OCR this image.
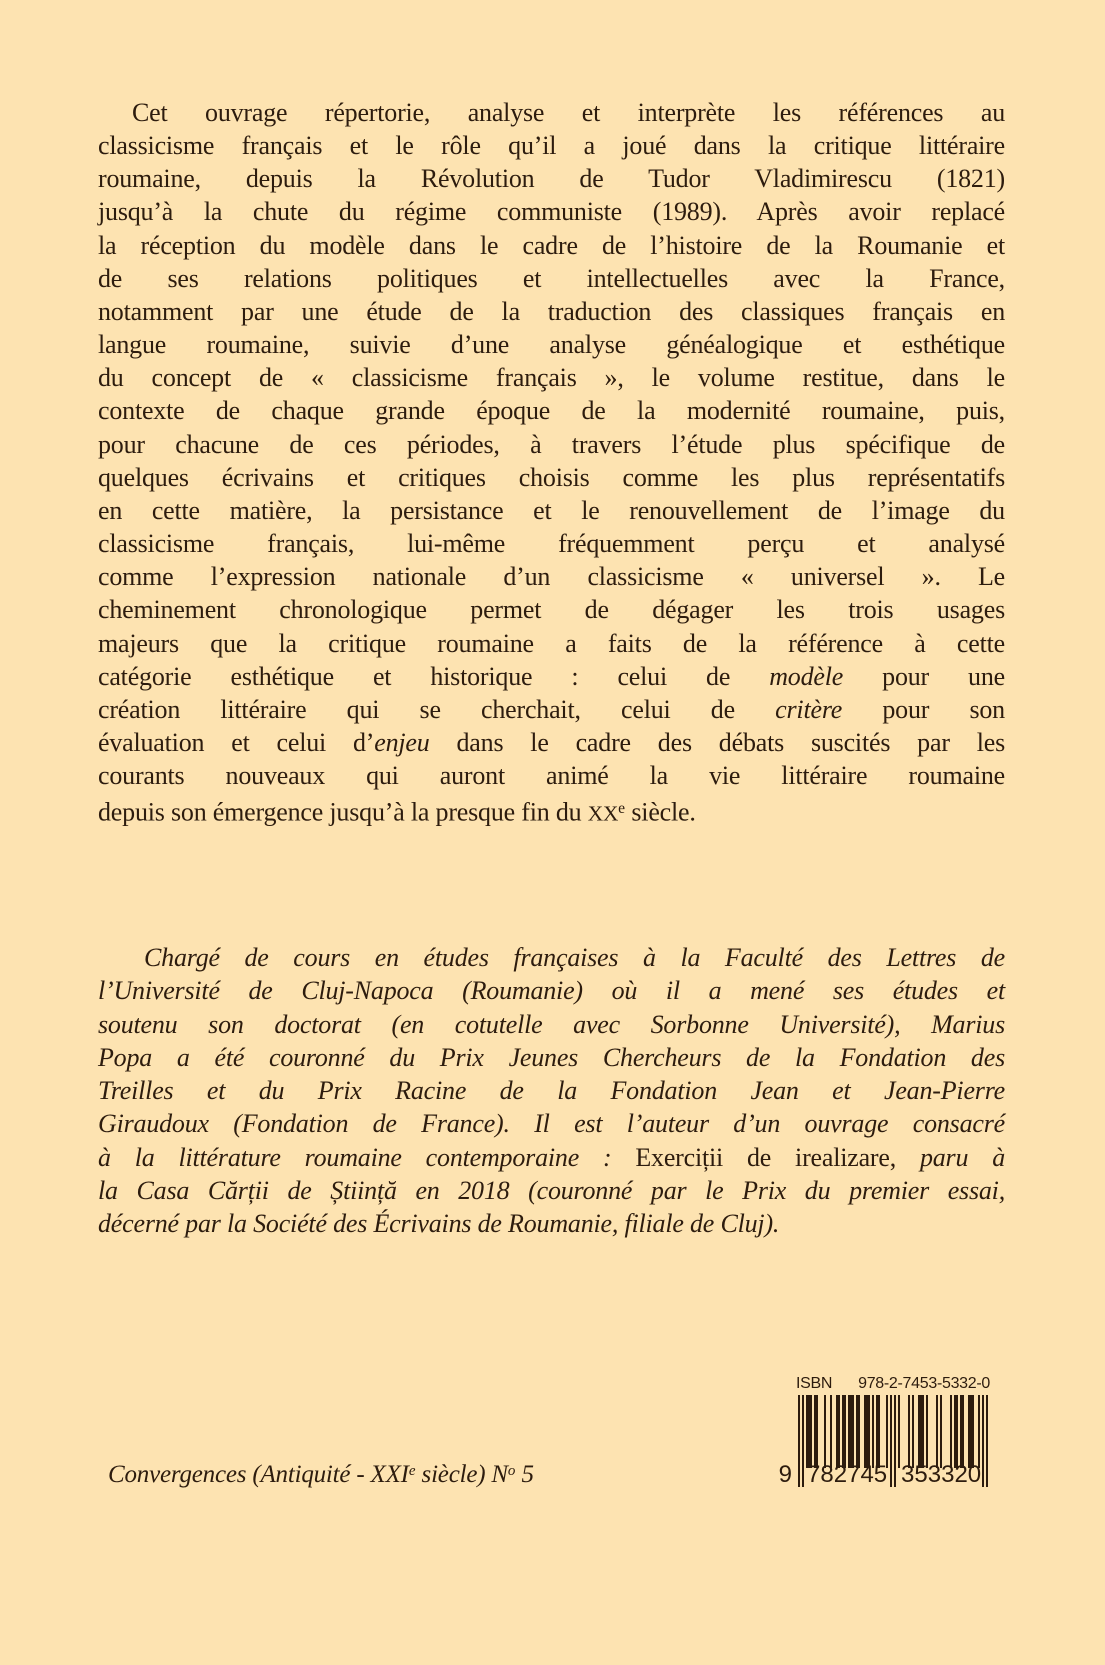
Cet ouvrage répertorie, analyse et interprète les références au
classicisme français et le rôle qu’il a joué dans la critique littéraire
roumaine, depuis la Révolution de Tudor Vladimirescu (1821)
jusqu’à la chute du régime communiste (1989). Après avoir replacé
la réception du modèle dans le cadre de l’histoire de la Roumanie et
de ses relations politiques et intellectuelles avec la France,
notamment par une étude de la traduction des classiques français en
langue roumaine, suivie d’une analyse généalogique et esthétique
du concept de « classicisme français », le volume restitue, dans le
contexte de chaque grande époque de la modernité roumaine, puis,
pour chacune de ces périodes, à travers l’étude plus spécifique de
quelques écrivains et critiques choisis comme les plus représentatifs
en cette matière, la persistance et le renouvellement de l’image du
classicisme français, lui-même fréquemment perçu et analysé
comme l’expression nationale d’un classicisme « universel ». Le
cheminement chronologique permet de dégager les trois usages
majeurs que la critique roumaine a faits de la référence à cette
catégorie esthétique et historique : celui de modèle pour une
création littéraire qui se cherchait, celui de critère pour son
évaluation et celui d’enjeu dans le cadre des débats suscités par les
courants nouveaux qui auront animé la vie littéraire roumaine
depuis son émergence jusqu’à la presque fin du XXe siècle.
Chargé de cours en études françaises à la Faculté des Lettres de
l’Université de Cluj-Napoca (Roumanie) où il a mené ses études et
soutenu son doctorat (en cotutelle avec Sorbonne Université), Marius
Popa a été couronné du Prix Jeunes Chercheurs de la Fondation des
Treilles et du Prix Racine de la Fondation Jean et Jean-Pierre
Giraudoux (Fondation de France). Il est l’auteur d’un ouvrage consacré
à la littérature roumaine contemporaine : Exerciții de irealizare, paru à
la Casa Cărții de Știință en 2018 (couronné par le Prix du premier essai,
décerné par la Société des Écrivains de Roumanie, filiale de Cluj).
Convergences (Antiquité - XXIe siècle) $N^o$ 5
ISBN 978-2-7453-5332-0
9 7 8 2 7 4 5 3 5 3 3 2 0
